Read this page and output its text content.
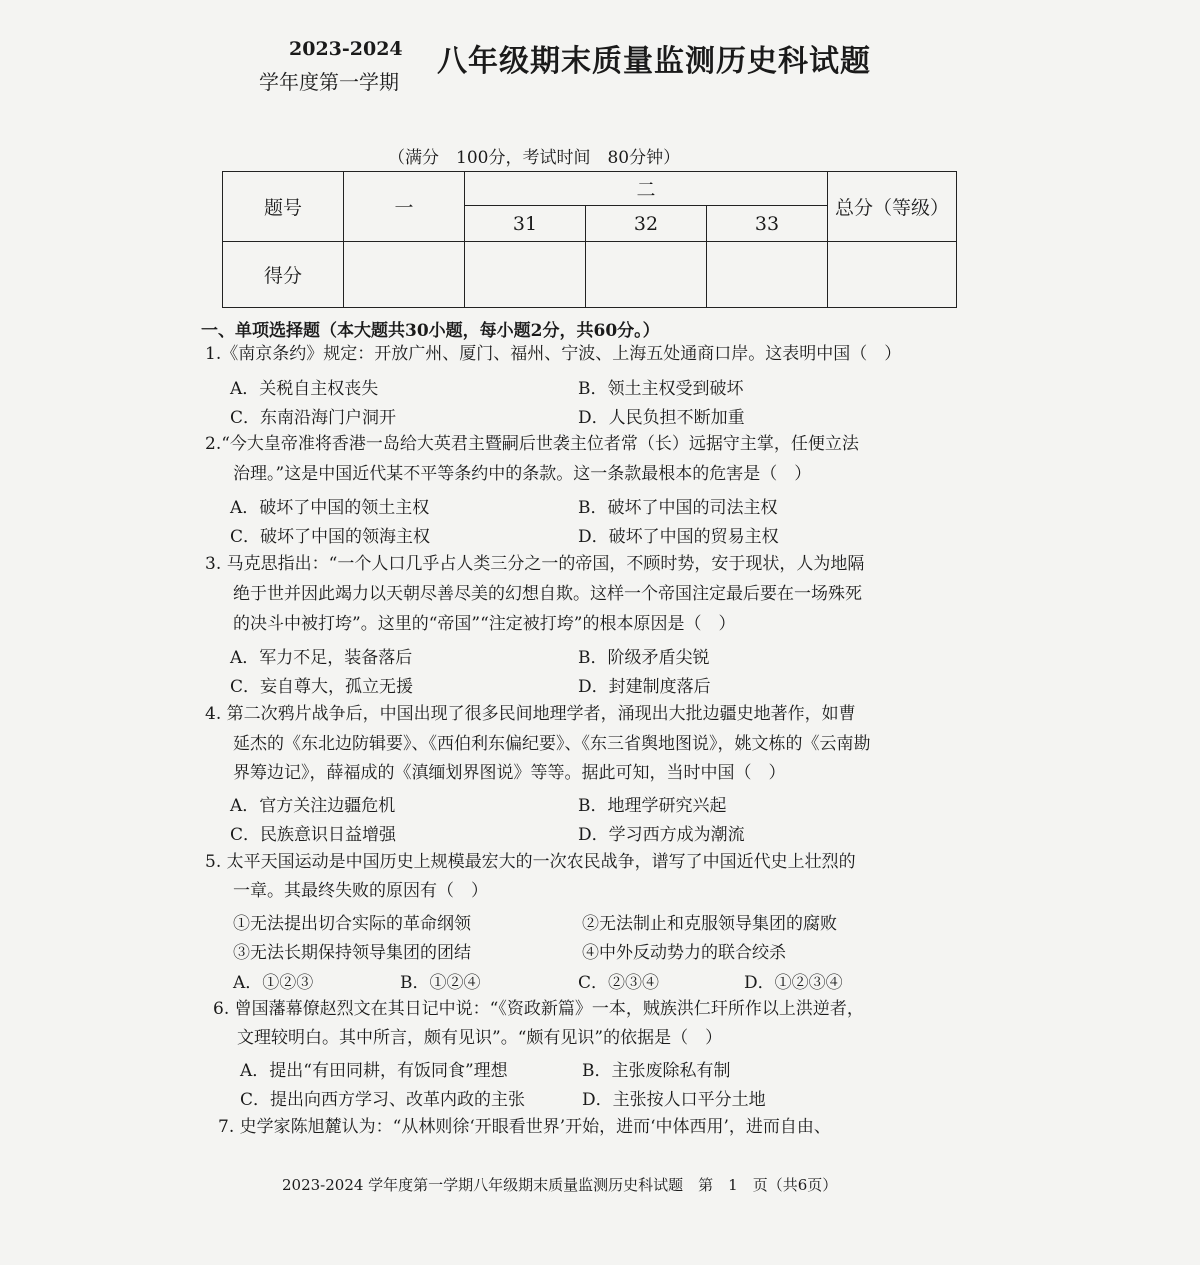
2023-2024
学年度第一学期
八年级期末质量监测历史科试题
（满分　100分，考试时间　80分钟）
题号	一	二			总分（等级）
		31	32	33	
得分					
一、单项选择题（本大题共30小题，每小题2分，共60分。）
1.《南京条约》规定：开放广州、厦门、福州、宁波、上海五处通商口岸。这表明中国（　）
A．关税自主权丧失	B．领土主权受到破坏
C．东南沿海门户洞开	D．人民负担不断加重
2.“今大皇帝准将香港一岛给大英君主暨嗣后世袭主位者常（长）远据守主掌，任便立法
治理。”这是中国近代某不平等条约中的条款。这一条款最根本的危害是（　）
A．破坏了中国的领土主权	B．破坏了中国的司法主权
C．破坏了中国的领海主权	D．破坏了中国的贸易主权
3. 马克思指出：“一个人口几乎占人类三分之一的帝国，不顾时势，安于现状，人为地隔
绝于世并因此竭力以天朝尽善尽美的幻想自欺。这样一个帝国注定最后要在一场殊死
的决斗中被打垮”。这里的“帝国”“注定被打垮”的根本原因是（　）
A．军力不足，装备落后	B．阶级矛盾尖锐
C．妄自尊大，孤立无援	D．封建制度落后
4. 第二次鸦片战争后，中国出现了很多民间地理学者，涌现出大批边疆史地著作，如曹
延杰的《东北边防辑要》、《西伯利东偏纪要》、《东三省舆地图说》，姚文栋的《云南勘
界筹边记》，薛福成的《滇缅划界图说》等等。据此可知，当时中国（　）
A．官方关注边疆危机	B．地理学研究兴起
C．民族意识日益增强	D．学习西方成为潮流
5. 太平天国运动是中国历史上规模最宏大的一次农民战争，谱写了中国近代史上壮烈的
一章。其最终失败的原因有（　）
①无法提出切合实际的革命纲领	②无法制止和克服领导集团的腐败
③无法长期保持领导集团的团结	④中外反动势力的联合绞杀
A．①②③	B．①②④	C．②③④	D．①②③④
6. 曾国藩幕僚赵烈文在其日记中说：“《资政新篇》一本，贼族洪仁玕所作以上洪逆者，
文理较明白。其中所言，颇有见识”。“颇有见识”的依据是（　）
A．提出“有田同耕，有饭同食”理想	B．主张废除私有制
C．提出向西方学习、改革内政的主张	D．主张按人口平分土地
7. 史学家陈旭麓认为：“从林则徐‘开眼看世界’开始，进而‘中体西用’，进而自由、
2023-2024 学年度第一学期八年级期末质量监测历史科试题　第　1　页（共6页）
